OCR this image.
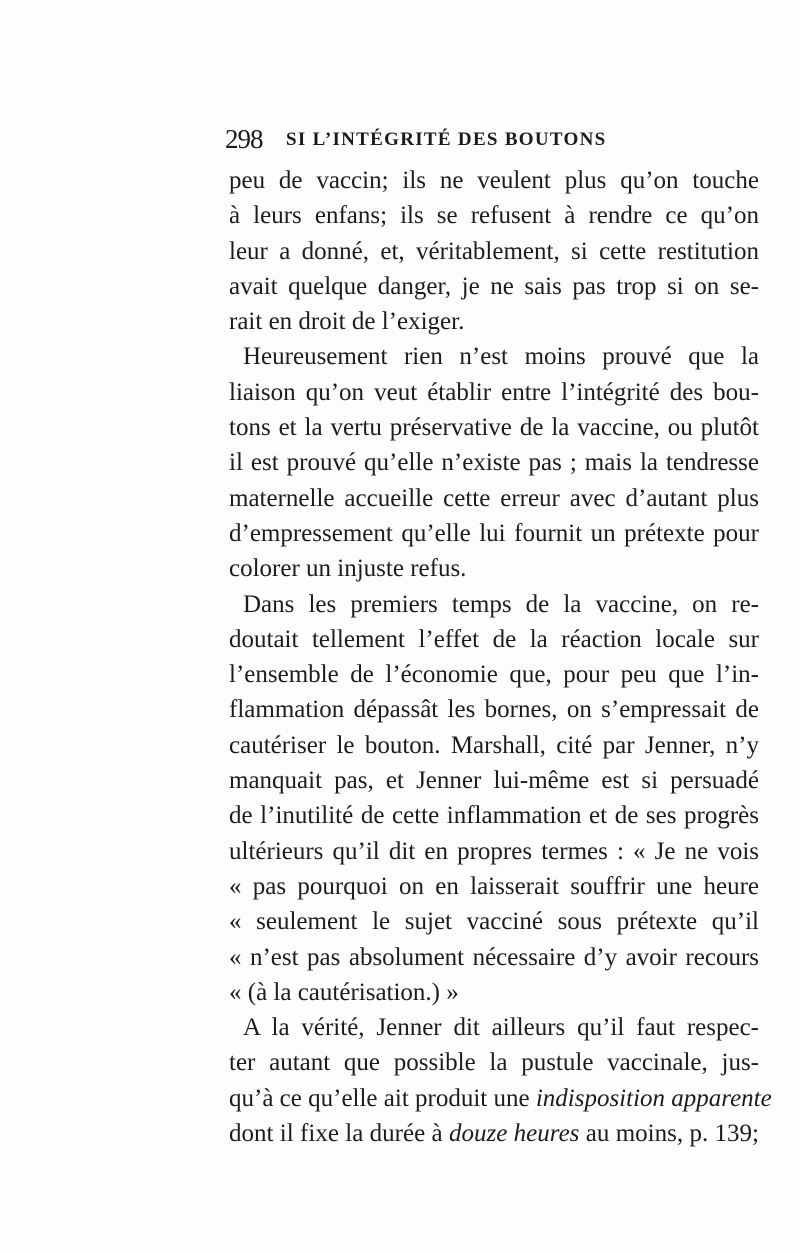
298 SI L’INTÉGRITÉ DES BOUTONS
peu de vaccin; ils ne veulent plus qu’on touche
à leurs enfans; ils se refusent à rendre ce qu’on
leur a donné, et, véritablement, si cette restitution
avait quelque danger, je ne sais pas trop si on se-
rait en droit de l’exiger.
Heureusement rien n’est moins prouvé que la
liaison qu’on veut établir entre l’intégrité des bou-
tons et la vertu préservative de la vaccine, ou plutôt
il est prouvé qu’elle n’existe pas ; mais la tendresse
maternelle accueille cette erreur avec d’autant plus
d’empressement qu’elle lui fournit un prétexte pour
colorer un injuste refus.
Dans les premiers temps de la vaccine, on re-
doutait tellement l’effet de la réaction locale sur
l’ensemble de l’économie que, pour peu que l’in-
flammation dépassât les bornes, on s’empressait de
cautériser le bouton. Marshall, cité par Jenner, n’y
manquait pas, et Jenner lui-même est si persuadé
de l’inutilité de cette inflammation et de ses progrès
ultérieurs qu’il dit en propres termes : « Je ne vois
« pas pourquoi on en laisserait souffrir une heure
« seulement le sujet vacciné sous prétexte qu’il
« n’est pas absolument nécessaire d’y avoir recours
« (à la cautérisation.) »
A la vérité, Jenner dit ailleurs qu’il faut respec-
ter autant que possible la pustule vaccinale, jus-
qu’à ce qu’elle ait produit une indisposition apparente
dont il fixe la durée à douze heures au moins, p. 139;
